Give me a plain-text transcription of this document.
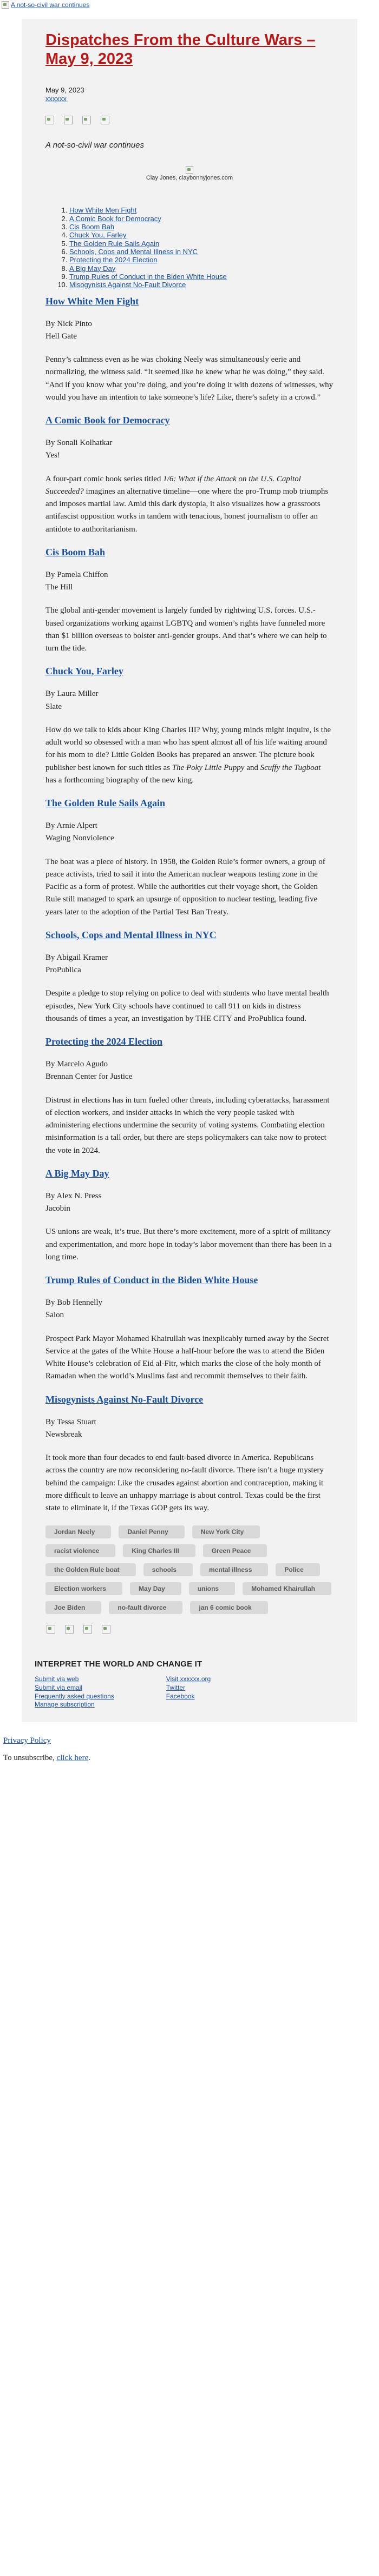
A not-so-civil war continues
Dispatches From the Culture Wars – May 9, 2023

May 9, 2023

xxxxxx

A not-so-civil war continues

Clay Jones, claybonnyjones.com
1. How White Men Fight
2. A Comic Book for Democracy
3. Cis Boom Bah
4. Chuck You, Farley
5. The Golden Rule Sails Again
6. Schools, Cops and Mental Illness in NYC
7. Protecting the 2024 Election
8. A Big May Day
9. Trump Rules of Conduct in the Biden White House
10. Misogynists Against No-Fault Divorce
How White Men Fight

By Nick Pinto
Hell Gate

Penny’s calmness even as he was choking Neely was simultaneously eerie and normalizing, the witness said. “It seemed like he knew what he was doing,” they said. “And if you know what you’re doing, and you’re doing it with dozens of witnesses, why would you have an intention to take someone’s life? Like, there’s safety in a crowd.”

A Comic Book for Democracy

By Sonali Kolhatkar
Yes!

A four-part comic book series titled 1/6: What if the Attack on the U.S. Capitol Succeeded? imagines an alternative timeline—one where the pro-Trump mob triumphs and imposes martial law. Amid this dark dystopia, it also visualizes how a grassroots antifascist opposition works in tandem with tenacious, honest journalism to offer an antidote to authoritarianism.

Cis Boom Bah

By Pamela Chiffon
The Hill

The global anti-gender movement is largely funded by rightwing U.S. forces. U.S.-based organizations working against LGBTQ and women’s rights have funneled more than $1 billion overseas to bolster anti-gender groups. And that’s where we can help to turn the tide.

Chuck You, Farley

By Laura Miller
Slate

How do we talk to kids about King Charles III? Why, young minds might inquire, is the adult world so obsessed with a man who has spent almost all of his life waiting around for his mom to die? Little Golden Books has prepared an answer. The picture book publisher best known for such titles as The Poky Little Puppy and Scuffy the Tugboat has a forthcoming biography of the new king.

The Golden Rule Sails Again

By Arnie Alpert
Waging Nonviolence

The boat was a piece of history. In 1958, the Golden Rule’s former owners, a group of peace activists, tried to sail it into the American nuclear weapons testing zone in the Pacific as a form of protest. While the authorities cut their voyage short, the Golden Rule still managed to spark an upsurge of opposition to nuclear testing, leading five years later to the adoption of the Partial Test Ban Treaty.

Schools, Cops and Mental Illness in NYC

By Abigail Kramer
ProPublica

Despite a pledge to stop relying on police to deal with students who have mental health episodes, New York City schools have continued to call 911 on kids in distress thousands of times a year, an investigation by THE CITY and ProPublica found.

Protecting the 2024 Election

By Marcelo Agudo
Brennan Center for Justice

Distrust in elections has in turn fueled other threats, including cyberattacks, harassment of election workers, and insider attacks in which the very people tasked with administering elections undermine the security of voting systems. Combating election misinformation is a tall order, but there are steps policymakers can take now to protect the vote in 2024.

A Big May Day

By Alex N. Press
Jacobin

US unions are weak, it’s true. But there’s more excitement, more of a spirit of militancy and experimentation, and more hope in today’s labor movement than there has been in a long time.

Trump Rules of Conduct in the Biden White House

By Bob Hennelly
Salon

Prospect Park Mayor Mohamed Khairullah was inexplicably turned away by the Secret Service at the gates of the White House a half-hour before the was to attend the Biden White House’s celebration of Eid al-Fitr, which marks the close of the holy month of Ramadan when the world’s Muslims fast and recommit themselves to their faith.

Misogynists Against No-Fault Divorce

By Tessa Stuart
Newsbreak

It took more than four decades to end fault-based divorce in America. Republicans across the country are now reconsidering no-fault divorce. There isn’t a huge mystery behind the campaign: Like the crusades against abortion and contraception, making it more difficult to leave an unhappy marriage is about control. Texas could be the first state to eliminate it, if the Texas GOP gets its way.

Jordan Neely	Daniel Penny	New York City
racist violence	King Charles III	Green Peace
the Golden Rule boat	schools	mental illness	Police
Election workers	May Day	unions	Mohamed Khairullah
Joe Biden	no-fault divorce	jan 6 comic book
INTERPRET THE WORLD AND CHANGE IT
Submit via web
Submit via email
Frequently asked questions
Manage subscription
Visit xxxxxx.org
Twitter
Facebook

Privacy Policy

To unsubscribe, click here.
